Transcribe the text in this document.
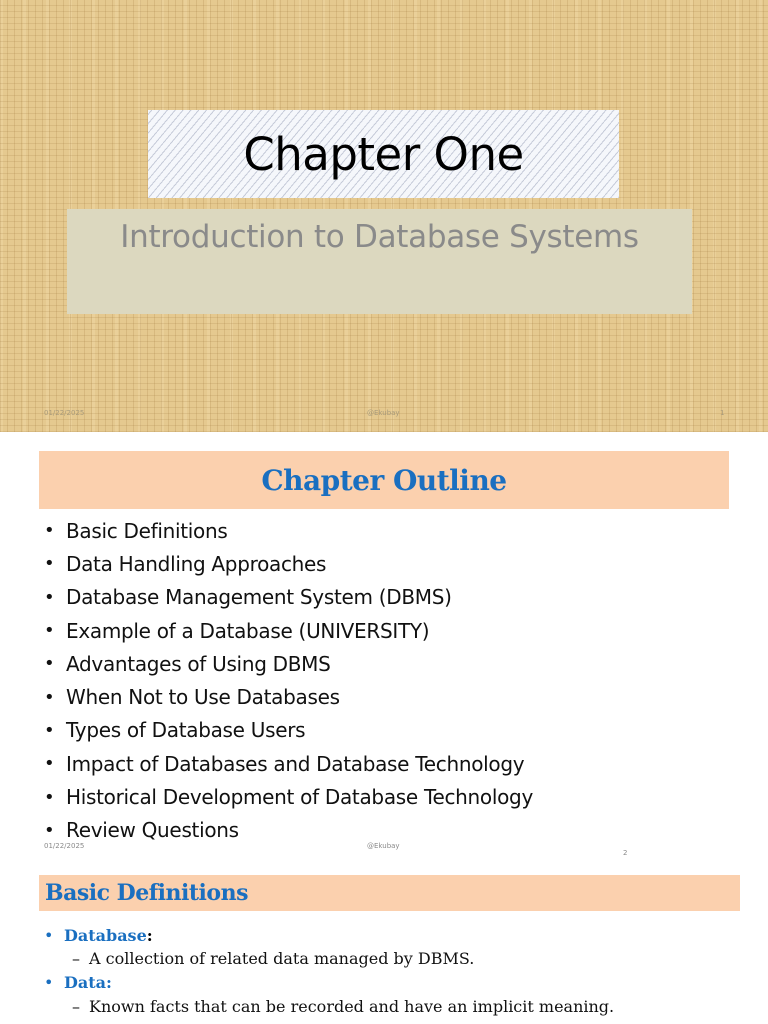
Chapter One
Introduction to Database Systems
01/22/2025	@Ekubay	1
Chapter Outline
• Basic Definitions
• Data Handling Approaches
• Database Management System (DBMS)
• Example of a Database (UNIVERSITY)
• Advantages of Using DBMS
• When Not to Use Databases
• Types of Database Users
• Impact of Databases and Database Technology
• Historical Development of Database Technology
• Review Questions
01/22/2025	@Ekubay
2
Basic Definitions
• Database :
– A collection of related data managed by DBMS.
• Data:
– Known facts that can be recorded and have an implicit meaning.
